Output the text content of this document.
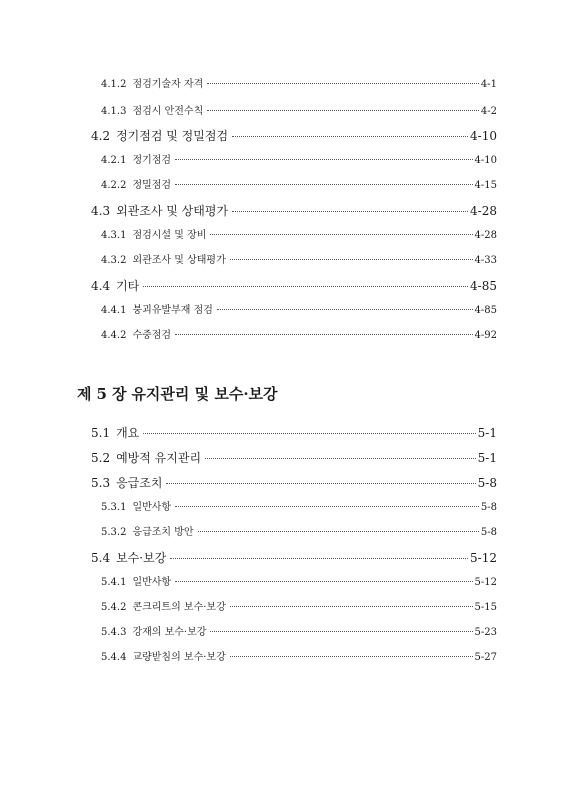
제 5 장 유지관리 및 보수·보강
4.1.2 점검기술자 자격	4-1
4.1.3 점검시 안전수칙	4-2
4.2 정기점검 및 정밀점검	4-10
4.2.1 정기점검	4-10
4.2.2 정밀점검	4-15
4.3 외관조사 및 상태평가	4-28
4.3.1 점검시설 및 장비	4-28
4.3.2 외관조사 및 상태평가	4-33
4.4 기타	4-85
4.4.1 붕괴유발부재 점검	4-85
4.4.2 수중점검	4-92
5.1 개요	5-1
5.2 예방적 유지관리	5-1
5.3 응급조치	5-8
5.3.1 일반사항	5-8
5.3.2 응급조치 방안	5-8
5.4 보수·보강	5-12
5.4.1 일반사항	5-12
5.4.2 콘크리트의 보수·보강	5-15
5.4.3 강재의 보수·보강	5-23
5.4.4 교량받침의 보수·보강	5-27
